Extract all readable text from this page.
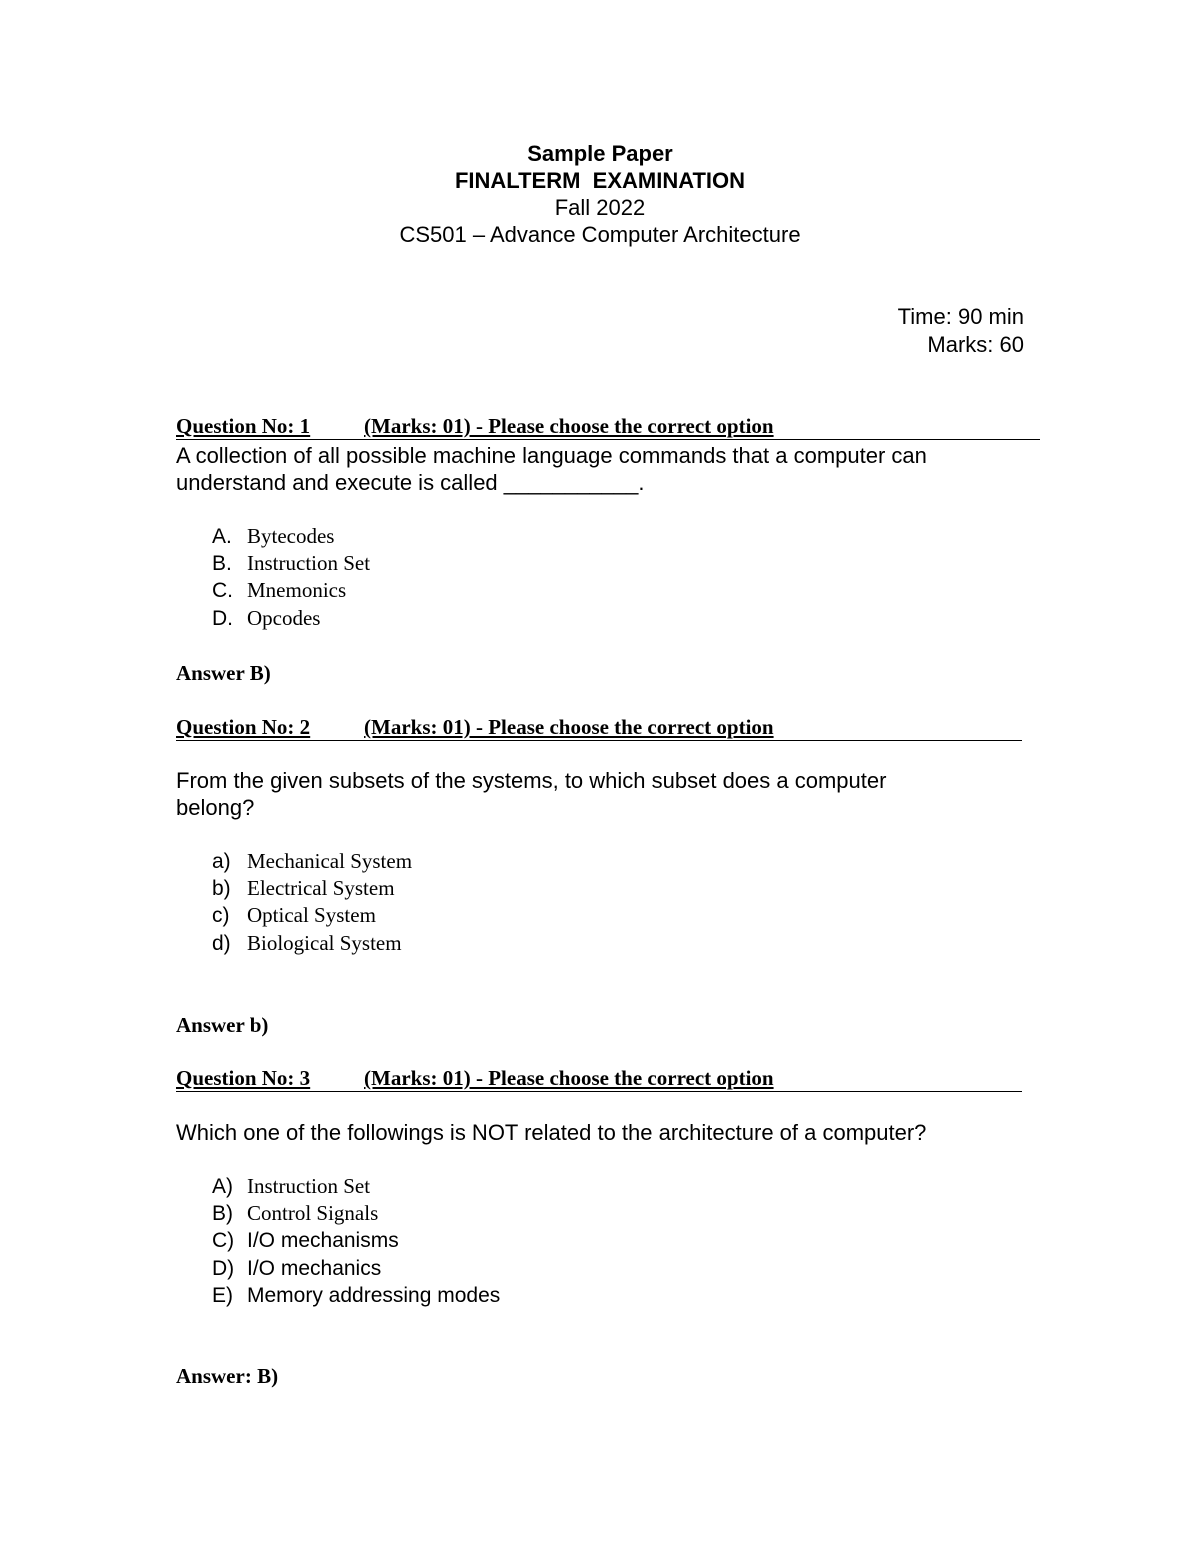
Sample Paper
FINALTERM  EXAMINATION
Fall 2022
CS501 – Advance Computer Architecture
Time: 90 min
Marks: 60
Question No: 1	(Marks: 01) - Please choose the correct option
A collection of all possible machine language commands that a computer can understand and execute is called ___________.
A. Bytecodes
B. Instruction Set
C. Mnemonics
D. Opcodes
Answer B)
Question No: 2	(Marks: 01) - Please choose the correct option
From the given subsets of the systems, to which subset does a computer belong?
a) Mechanical System
b) Electrical System
c) Optical System
d) Biological System
Answer b)
Question No: 3	(Marks: 01) - Please choose the correct option
Which one of the followings is NOT related to the architecture of a computer?
A) Instruction Set
B) Control Signals
C) I/O mechanisms
D) I/O mechanics
E) Memory addressing modes
Answer: B)
